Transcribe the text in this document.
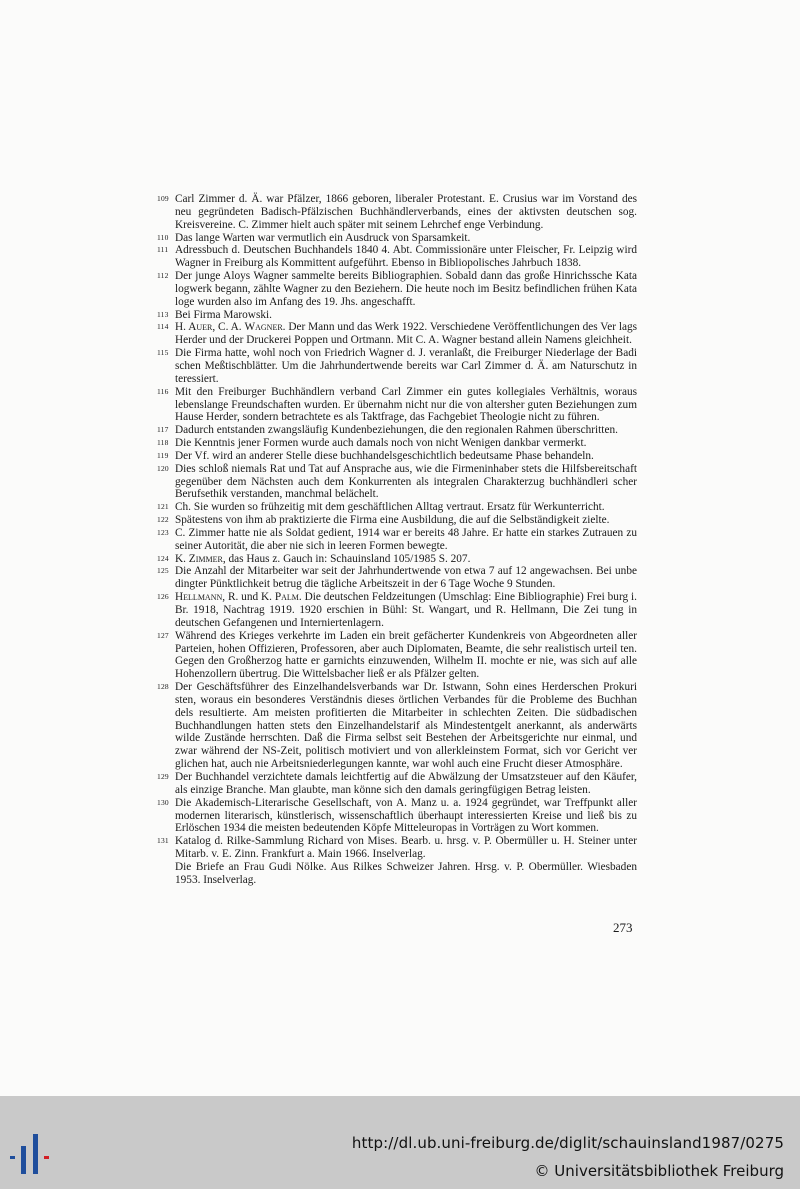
109 Carl Zimmer d. Ä. war Pfälzer, 1866 geboren, liberaler Protestant. E. Crusius war im Vorstand des neu gegründeten Badisch-Pfälzischen Buchhändlerverbands, eines der aktivsten deutschen sog. Kreisvereine. C. Zimmer hielt auch später mit seinem Lehrchef enge Verbindung.
110 Das lange Warten war vermutlich ein Ausdruck von Sparsamkeit.
111 Adressbuch d. Deutschen Buchhandels 1840 4. Abt. Commissionäre unter Fleischer, Fr. Leipzig wird Wagner in Freiburg als Kommittent aufgeführt. Ebenso in Bibliopolisches Jahrbuch 1838.
112 Der junge Aloys Wagner sammelte bereits Bibliographien. Sobald dann das große Hinrichssche Kata logwerk begann, zählte Wagner zu den Beziehern. Die heute noch im Besitz befindlichen frühen Kata loge wurden also im Anfang des 19. Jhs. angeschafft.
113 Bei Firma Marowski.
114 H. Auer, C. A. Wagner. Der Mann und das Werk 1922. Verschiedene Veröffentlichungen des Ver lags Herder und der Druckerei Poppen und Ortmann. Mit C. A. Wagner bestand allein Namens gleichheit.
115 Die Firma hatte, wohl noch von Friedrich Wagner d. J. veranlaßt, die Freiburger Niederlage der Badi schen Meßtischblätter. Um die Jahrhundertwende bereits war Carl Zimmer d. Ä. am Naturschutz in teressiert.
116 Mit den Freiburger Buchhändlern verband Carl Zimmer ein gutes kollegiales Verhältnis, woraus lebenslange Freundschaften wurden. Er übernahm nicht nur die von altersher guten Beziehungen zum Hause Herder, sondern betrachtete es als Taktfrage, das Fachgebiet Theologie nicht zu führen.
117 Dadurch entstanden zwangsläufig Kundenbeziehungen, die den regionalen Rahmen überschritten.
118 Die Kenntnis jener Formen wurde auch damals noch von nicht Wenigen dankbar vermerkt.
119 Der Vf. wird an anderer Stelle diese buchhandelsgeschichtlich bedeutsame Phase behandeln.
120 Dies schloß niemals Rat und Tat auf Ansprache aus, wie die Firmeninhaber stets die Hilfsbereitschaft gegenüber dem Nächsten auch dem Konkurrenten als integralen Charakterzug buchhändleri scher Berufsethik verstanden, manchmal belächelt.
121 Ch. Sie wurden so frühzeitig mit dem geschäftlichen Alltag vertraut. Ersatz für Werkunterricht.
122 Spätestens von ihm ab praktizierte die Firma eine Ausbildung, die auf die Selbständigkeit zielte.
123 C. Zimmer hatte nie als Soldat gedient, 1914 war er bereits 48 Jahre. Er hatte ein starkes Zutrauen zu seiner Autorität, die aber nie sich in leeren Formen bewegte.
124 K. Zimmer, das Haus z. Gauch in: Schauinsland 105/1985 S. 207.
125 Die Anzahl der Mitarbeiter war seit der Jahrhundertwende von etwa 7 auf 12 angewachsen. Bei unbe dingter Pünktlichkeit betrug die tägliche Arbeitszeit in der 6 Tage Woche 9 Stunden.
126 Hellmann, R. und K. Palm. Die deutschen Feldzeitungen (Umschlag: Eine Bibliographie) Frei burg i. Br. 1918, Nachtrag 1919. 1920 erschien in Bühl: St. Wangart, und R. Hellmann, Die Zei tung in deutschen Gefangenen und Interniertenlagern.
127 Während des Krieges verkehrte im Laden ein breit gefächerter Kundenkreis von Abgeordneten aller Parteien, hohen Offizieren, Professoren, aber auch Diplomaten, Beamte, die sehr realistisch urteil ten. Gegen den Großherzog hatte er garnichts einzuwenden, Wilhelm II. mochte er nie, was sich auf alle Hohenzollern übertrug. Die Wittelsbacher ließ er als Pfälzer gelten.
128 Der Geschäftsführer des Einzelhandelsverbands war Dr. Istwann, Sohn eines Herderschen Prokuri sten, woraus ein besonderes Verständnis dieses örtlichen Verbandes für die Probleme des Buchhan dels resultierte. Am meisten profitierten die Mitarbeiter in schlechten Zeiten. Die südbadischen Buchhandlungen hatten stets den Einzelhandelstarif als Mindestentgelt anerkannt, als anderwärts wilde Zustände herrschten. Daß die Firma selbst seit Bestehen der Arbeitsgerichte nur einmal, und zwar während der NS-Zeit, politisch motiviert und von allerkleinstem Format, sich vor Gericht ver glichen hat, auch nie Arbeitsniederlegungen kannte, war wohl auch eine Frucht dieser Atmosphäre.
129 Der Buchhandel verzichtete damals leichtfertig auf die Abwälzung der Umsatzsteuer auf den Käufer, als einzige Branche. Man glaubte, man könne sich den damals geringfügigen Betrag leisten.
130 Die Akademisch-Literarische Gesellschaft, von A. Manz u. a. 1924 gegründet, war Treffpunkt aller modernen literarisch, künstlerisch, wissenschaftlich überhaupt interessierten Kreise und ließ bis zu Erlöschen 1934 die meisten bedeutenden Köpfe Mitteleuropas in Vorträgen zu Wort kommen.
131 Katalog d. Rilke-Sammlung Richard von Mises. Bearb. u. hrsg. v. P. Obermüller u. H. Steiner unter Mitarb. v. E. Zinn. Frankfurt a. Main 1966. Inselverlag.
Die Briefe an Frau Gudi Nölke. Aus Rilkes Schweizer Jahren. Hrsg. v. P. Obermüller. Wiesbaden 1953. Inselverlag.
273
http://dl.ub.uni-freiburg.de/diglit/schauinsland1987/0275
© Universitätsbibliothek Freiburg
